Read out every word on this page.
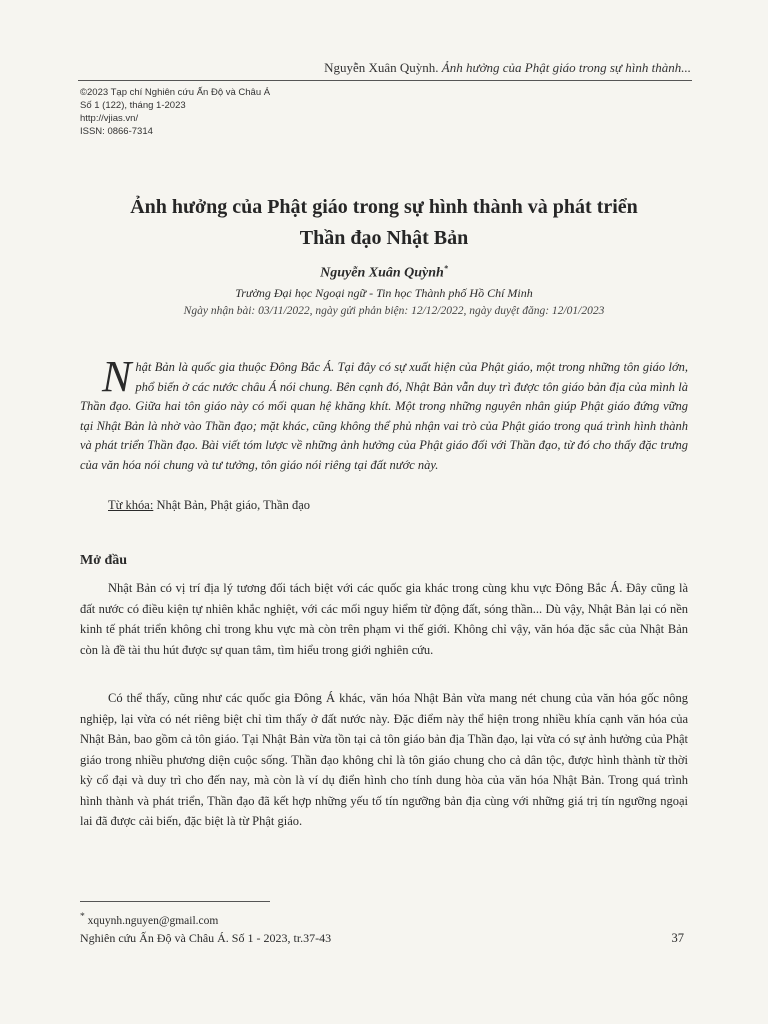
Nguyễn Xuân Quỳnh. Ảnh hưởng của Phật giáo trong sự hình thành...
©2023 Tạp chí Nghiên cứu Ấn Độ và Châu Á
Số 1 (122), tháng 1-2023
http://vjias.vn/
ISSN: 0866-7314
Ảnh hưởng của Phật giáo trong sự hình thành và phát triển
Thần đạo Nhật Bản
Nguyễn Xuân Quỳnh*
Trường Đại học Ngoại ngữ - Tin học Thành phố Hồ Chí Minh
Ngày nhận bài: 03/11/2022, ngày gửi phản biện: 12/12/2022, ngày duyệt đăng: 12/01/2023
Nhật Bản là quốc gia thuộc Đông Bắc Á. Tại đây có sự xuất hiện của Phật giáo, một trong những tôn giáo lớn, phổ biến ở các nước châu Á nói chung. Bên cạnh đó, Nhật Bản vẫn duy trì được tôn giáo bản địa của mình là Thần đạo. Giữa hai tôn giáo này có mối quan hệ khăng khít. Một trong những nguyên nhân giúp Phật giáo đứng vững tại Nhật Bản là nhờ vào Thần đạo; mặt khác, cũng không thể phủ nhận vai trò của Phật giáo trong quá trình hình thành và phát triển Thần đạo. Bài viết tóm lược về những ảnh hưởng của Phật giáo đối với Thần đạo, từ đó cho thấy đặc trưng của văn hóa nói chung và tư tưởng, tôn giáo nói riêng tại đất nước này.
Từ khóa: Nhật Bản, Phật giáo, Thần đạo
Mở đầu

Nhật Bản có vị trí địa lý tương đối tách biệt với các quốc gia khác trong cùng khu vực Đông Bắc Á. Đây cũng là đất nước có điều kiện tự nhiên khắc nghiệt, với các mối nguy hiểm từ động đất, sóng thần... Dù vậy, Nhật Bản lại có nền kinh tế phát triển không chỉ trong khu vực mà còn trên phạm vi thế giới. Không chỉ vậy, văn hóa đặc sắc của Nhật Bản còn là đề tài thu hút được sự quan tâm, tìm hiểu trong giới nghiên cứu.

Có thể thấy, cũng như các quốc gia Đông Á khác, văn hóa Nhật Bản vừa mang nét chung của văn hóa gốc nông nghiệp, lại vừa có nét riêng biệt chỉ tìm thấy ở đất nước này. Đặc điểm này thể hiện trong nhiều khía cạnh văn hóa của Nhật Bản, bao gồm cả tôn giáo. Tại Nhật Bản vừa tồn tại cả tôn giáo bản địa Thần đạo, lại vừa có sự ảnh hưởng của Phật giáo trong nhiều phương diện cuộc sống. Thần đạo không chỉ là tôn giáo chung cho cả dân tộc, được hình thành từ thời kỳ cổ đại và duy trì cho đến nay, mà còn là ví dụ điển hình cho tính dung hòa của văn hóa Nhật Bản. Trong quá trình hình thành và phát triển, Thần đạo đã kết hợp những yếu tố tín ngưỡng bản địa cùng với những giá trị tín ngưỡng ngoại lai đã được cải biến, đặc biệt là từ Phật giáo.

* xquynh.nguyen@gmail.com
Nghiên cứu Ấn Độ và Châu Á. Số 1 - 2023, tr.37-43	37
